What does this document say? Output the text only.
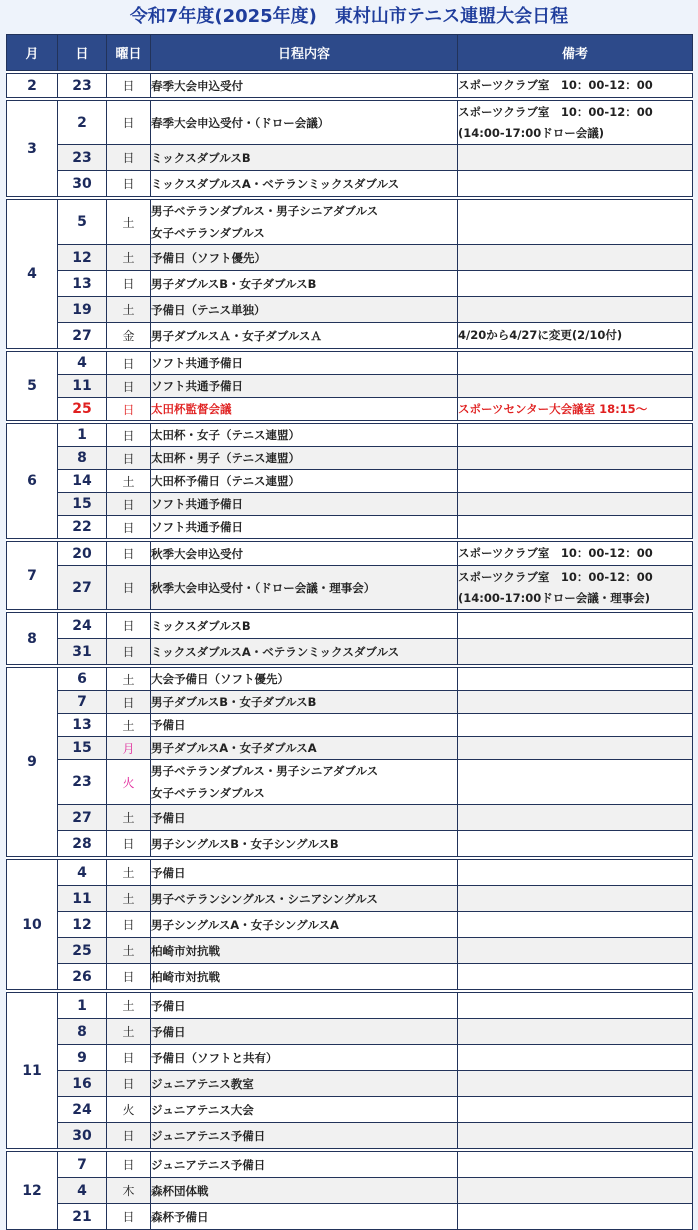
令和7年度(2025年度)　東村山市テニス連盟大会日程
月	日	曜日	日程内容	備考

2	23	日	春季大会申込受付	スポーツクラブ室　10：00-12：00

3	2	日	春季大会申込受付・（ドロー会議）	スポーツクラブ室　10：00-12：00
(14:00-17:00ドロー会議)

	23	日	ミックスダブルスB	

	30	日	ミックスダブルスA・ベテランミックスダブルス	

4	5	土	男子ベテランダブルス・男子シニアダブルス
女子ベテランダブルス	

	12	土	予備日（ソフト優先）	

	13	日	男子ダブルスB・女子ダブルスB	

	19	土	予備日（テニス単独）	

	27	金	男子ダブルスＡ・女子ダブルスＡ	4/20から4/27に変更(2/10付)

5	4	日	ソフト共通予備日	

	11	日	ソフト共通予備日	

	25	日	太田杯監督会議	スポーツセンター大会議室 18:15〜

6	1	日	太田杯・女子（テニス連盟）	

	8	日	太田杯・男子（テニス連盟）	

	14	土	大田杯予備日（テニス連盟）	

	15	日	ソフト共通予備日	

	22	日	ソフト共通予備日	

7	20	日	秋季大会申込受付	スポーツクラブ室　10：00-12：00

	27	日	秋季大会申込受付・（ドロー会議・理事会）	スポーツクラブ室　10：00-12：00
(14:00-17:00ドロー会議・理事会)

8	24	日	ミックスダブルスB	

	31	日	ミックスダブルスA・ベテランミックスダブルス	

9	6	土	大会予備日（ソフト優先）	

	7	日	男子ダブルスB・女子ダブルスB	

	13	土	予備日	

	15	月	男子ダブルスA・女子ダブルスA	

	23	火	男子ベテランダブルス・男子シニアダブルス
女子ベテランダブルス	

	27	土	予備日	

	28	日	男子シングルスB・女子シングルスB	

10	4	土	予備日	

	11	土	男子ベテランシングルス・シニアシングルス	

	12	日	男子シングルスA・女子シングルスA	

	25	土	柏崎市対抗戦	

	26	日	柏崎市対抗戦	

11	1	土	予備日	

	8	土	予備日	

	9	日	予備日（ソフトと共有）	

	16	日	ジュニアテニス教室	

	24	火	ジュニアテニス大会	

	30	日	ジュニアテニス予備日	

12	7	日	ジュニアテニス予備日	

	4	木	森杯団体戦	

	21	日	森杯予備日	
